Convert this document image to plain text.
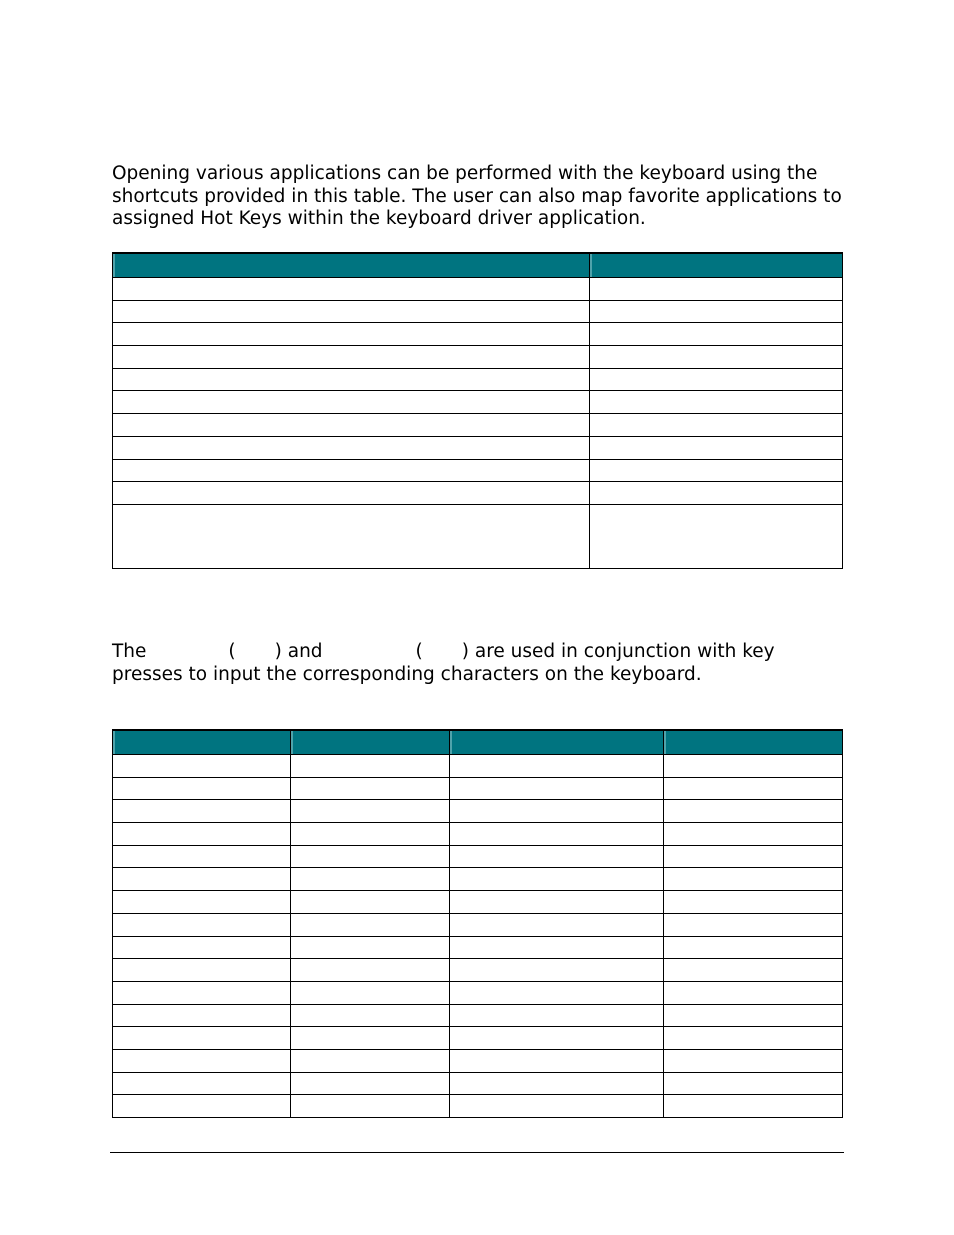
Opening various applications can be performed with the keyboard using the shortcuts provided in this table. The user can also map favorite applications to assigned Hot Keys within the keyboard driver application.

The	( ) and	( ) are used in conjunction with key presses to input the corresponding characters on the keyboard.
